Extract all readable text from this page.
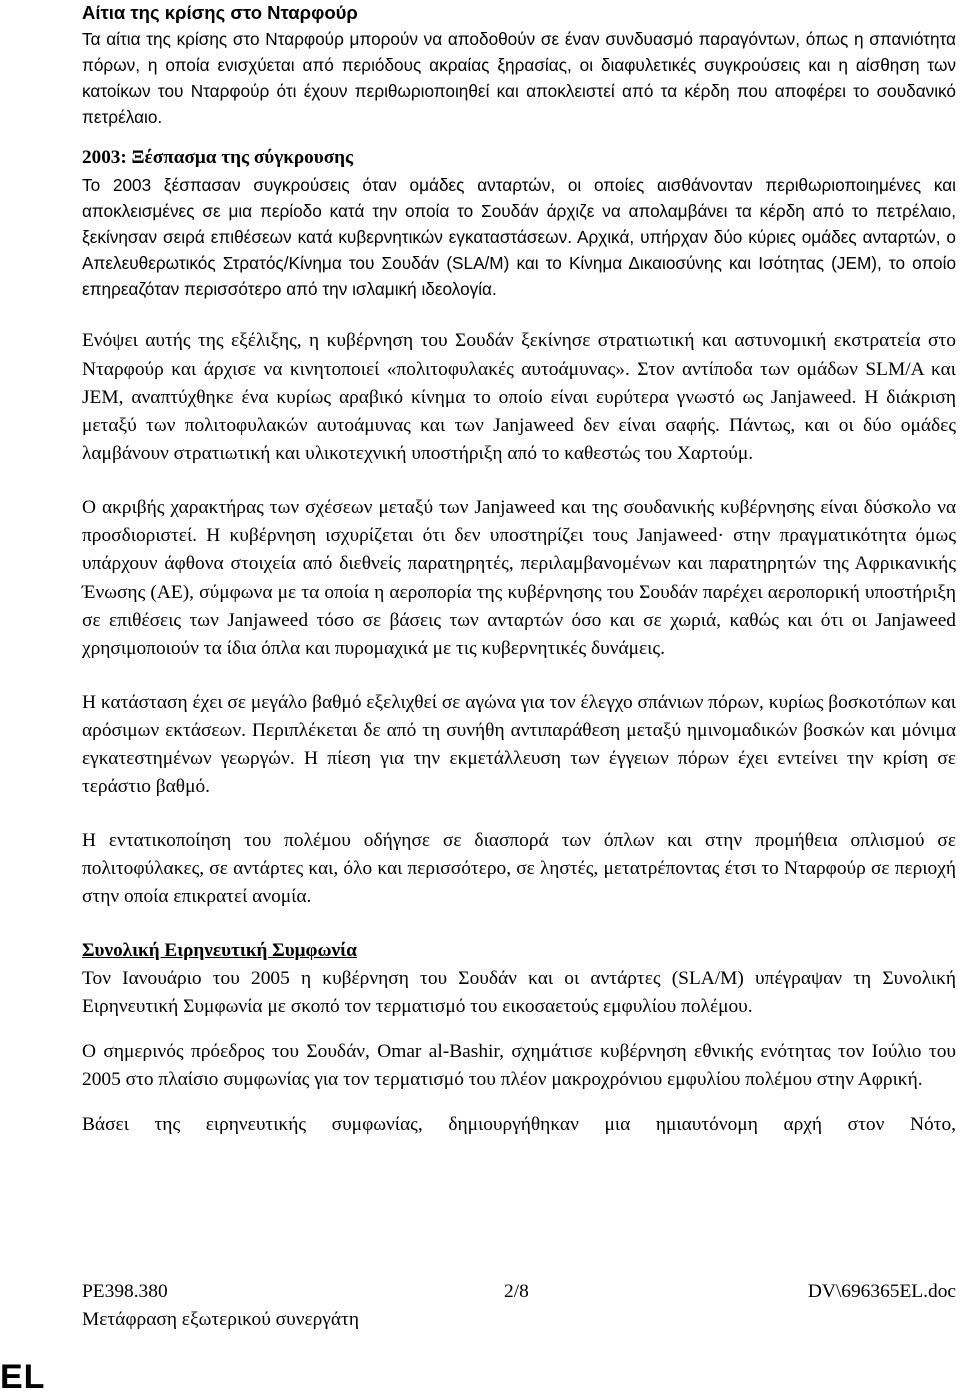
Αίτια της κρίσης στο Νταρφούρ

Τα αίτια της κρίσης στο Νταρφούρ μπορούν να αποδοθούν σε έναν συνδυασμό παραγόντων, όπως η σπανιότητα πόρων, η οποία ενισχύεται από περιόδους ακραίας ξηρασίας, οι διαφυλετικές συγκρούσεις και η αίσθηση των κατοίκων του Νταρφούρ ότι έχουν περιθωριοποιηθεί και αποκλειστεί από τα κέρδη που αποφέρει το σουδανικό πετρέλαιο.

2003: Ξέσπασμα της σύγκρουσης

Το 2003 ξέσπασαν συγκρούσεις όταν ομάδες ανταρτών, οι οποίες αισθάνονταν περιθωριοποιημένες και αποκλεισμένες σε μια περίοδο κατά την οποία το Σουδάν άρχιζε να απολαμβάνει τα κέρδη από το πετρέλαιο, ξεκίνησαν σειρά επιθέσεων κατά κυβερνητικών εγκαταστάσεων. Αρχικά, υπήρχαν δύο κύριες ομάδες ανταρτών, ο Απελευθερωτικός Στρατός/Κίνημα του Σουδάν (SLA/M) και το Κίνημα Δικαιοσύνης και Ισότητας (JEM), το οποίο επηρεαζόταν περισσότερο από την ισλαμική ιδεολογία.

Ενόψει αυτής της εξέλιξης, η κυβέρνηση του Σουδάν ξεκίνησε στρατιωτική και αστυνομική εκστρατεία στο Νταρφούρ και άρχισε να κινητοποιεί «πολιτοφυλακές αυτοάμυνας». Στον αντίποδα των ομάδων SLM/A και JEM, αναπτύχθηκε ένα κυρίως αραβικό κίνημα το οποίο είναι ευρύτερα γνωστό ως Janjaweed. Η διάκριση μεταξύ των πολιτοφυλακών αυτοάμυνας και των Janjaweed δεν είναι σαφής. Πάντως, και οι δύο ομάδες λαμβάνουν στρατιωτική και υλικοτεχνική υποστήριξη από το καθεστώς του Χαρτούμ.

Ο ακριβής χαρακτήρας των σχέσεων μεταξύ των Janjaweed και της σουδανικής κυβέρνησης είναι δύσκολο να προσδιοριστεί. Η κυβέρνηση ισχυρίζεται ότι δεν υποστηρίζει τους Janjaweed· στην πραγματικότητα όμως υπάρχουν άφθονα στοιχεία από διεθνείς παρατηρητές, περιλαμβανομένων και παρατηρητών της Αφρικανικής Ένωσης (ΑΕ), σύμφωνα με τα οποία η αεροπορία της κυβέρνησης του Σουδάν παρέχει αεροπορική υποστήριξη σε επιθέσεις των Janjaweed τόσο σε βάσεις των ανταρτών όσο και σε χωριά, καθώς και ότι οι Janjaweed χρησιμοποιούν τα ίδια όπλα και πυρομαχικά με τις κυβερνητικές δυνάμεις.

Η κατάσταση έχει σε μεγάλο βαθμό εξελιχθεί σε αγώνα για τον έλεγχο σπάνιων πόρων, κυρίως βοσκοτόπων και αρόσιμων εκτάσεων. Περιπλέκεται δε από τη συνήθη αντιπαράθεση μεταξύ ημινομαδικών βοσκών και μόνιμα εγκατεστημένων γεωργών. Η πίεση για την εκμετάλλευση των έγγειων πόρων έχει εντείνει την κρίση σε τεράστιο βαθμό.

Η εντατικοποίηση του πολέμου οδήγησε σε διασπορά των όπλων και στην προμήθεια οπλισμού σε πολιτοφύλακες, σε αντάρτες και, όλο και περισσότερο, σε ληστές, μετατρέποντας έτσι το Νταρφούρ σε περιοχή στην οποία επικρατεί ανομία.

Συνολική Ειρηνευτική Συμφωνία

Τον Ιανουάριο του 2005 η κυβέρνηση του Σουδάν και οι αντάρτες (SLA/M) υπέγραψαν τη Συνολική Ειρηνευτική Συμφωνία με σκοπό τον τερματισμό του εικοσαετούς εμφυλίου πολέμου.

Ο σημερινός πρόεδρος του Σουδάν, Omar al-Bashir, σχημάτισε κυβέρνηση εθνικής ενότητας τον Ιούλιο του 2005 στο πλαίσιο συμφωνίας για τον τερματισμό του πλέον μακροχρόνιου εμφυλίου πολέμου στην Αφρική.

Βάσει της ειρηνευτικής συμφωνίας, δημιουργήθηκαν μια ημιαυτόνομη αρχή στον Νότο,

PE398.380	2/8	DV\696365EL.doc
Μετάφραση εξωτερικού συνεργάτη
EL
